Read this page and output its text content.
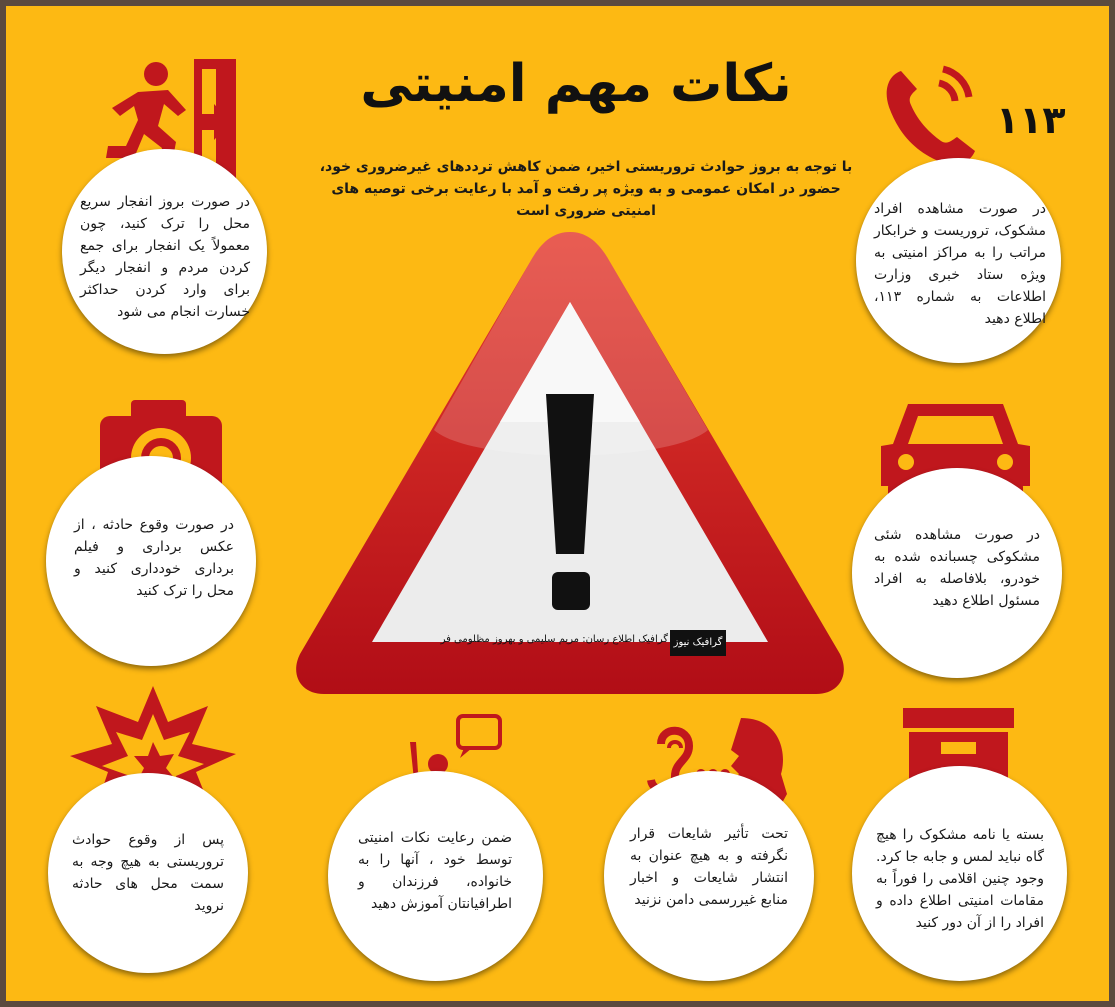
نکات مهم امنیتی
با توجه به بروز حوادث تروریستی اخیر، ضمن کاهش ترددهای غیرضروری خود، حضور در امکان عمومی و به ویژه پر رفت و آمد با رعایت برخی توصیه های امنیتی ضروری است
۱۱۳
گرافیک اطلاع رسان: مریم سلیمی و بهروز مظلومی فر گرافیک نیوز
در صورت بروز انفجار سریع محل را ترک کنید، چون معمولاً یک انفجار برای جمع کردن مردم و انفجار دیگر برای وارد کردن حداکثر خسارت انجام می شود
در صورت مشاهده افراد مشکوک، تروریست و خرابکار مراتب را به مراکز امنیتی به ویژه ستاد خبری وزارت اطلاعات به شماره ۱۱۳، اطلاع دهید
در صورت وقوع حادثه ، از عکس برداری و فیلم برداری خودداری کنید و محل را ترک کنید
در صورت مشاهده شئی مشکوکی چسبانده شده به خودرو، بلافاصله به افراد مسئول اطلاع دهید
پس از وقوع حوادث تروریستی به هیچ وجه به سمت محل های حادثه نروید
ضمن رعایت نکات امنیتی توسط خود ، آنها را به خانواده، فرزندان و اطرافیانتان آموزش دهید
تحت تأثیر شایعات قرار نگرفته و به هیچ عنوان به انتشار شایعات و اخبار منابع غیررسمی دامن نزنید
بسته یا نامه مشکوک را هیچ گاه نباید لمس و جابه جا کرد. وجود چنین اقلامی را فوراً به مقامات امنیتی اطلاع داده و افراد را از آن دور کنید
